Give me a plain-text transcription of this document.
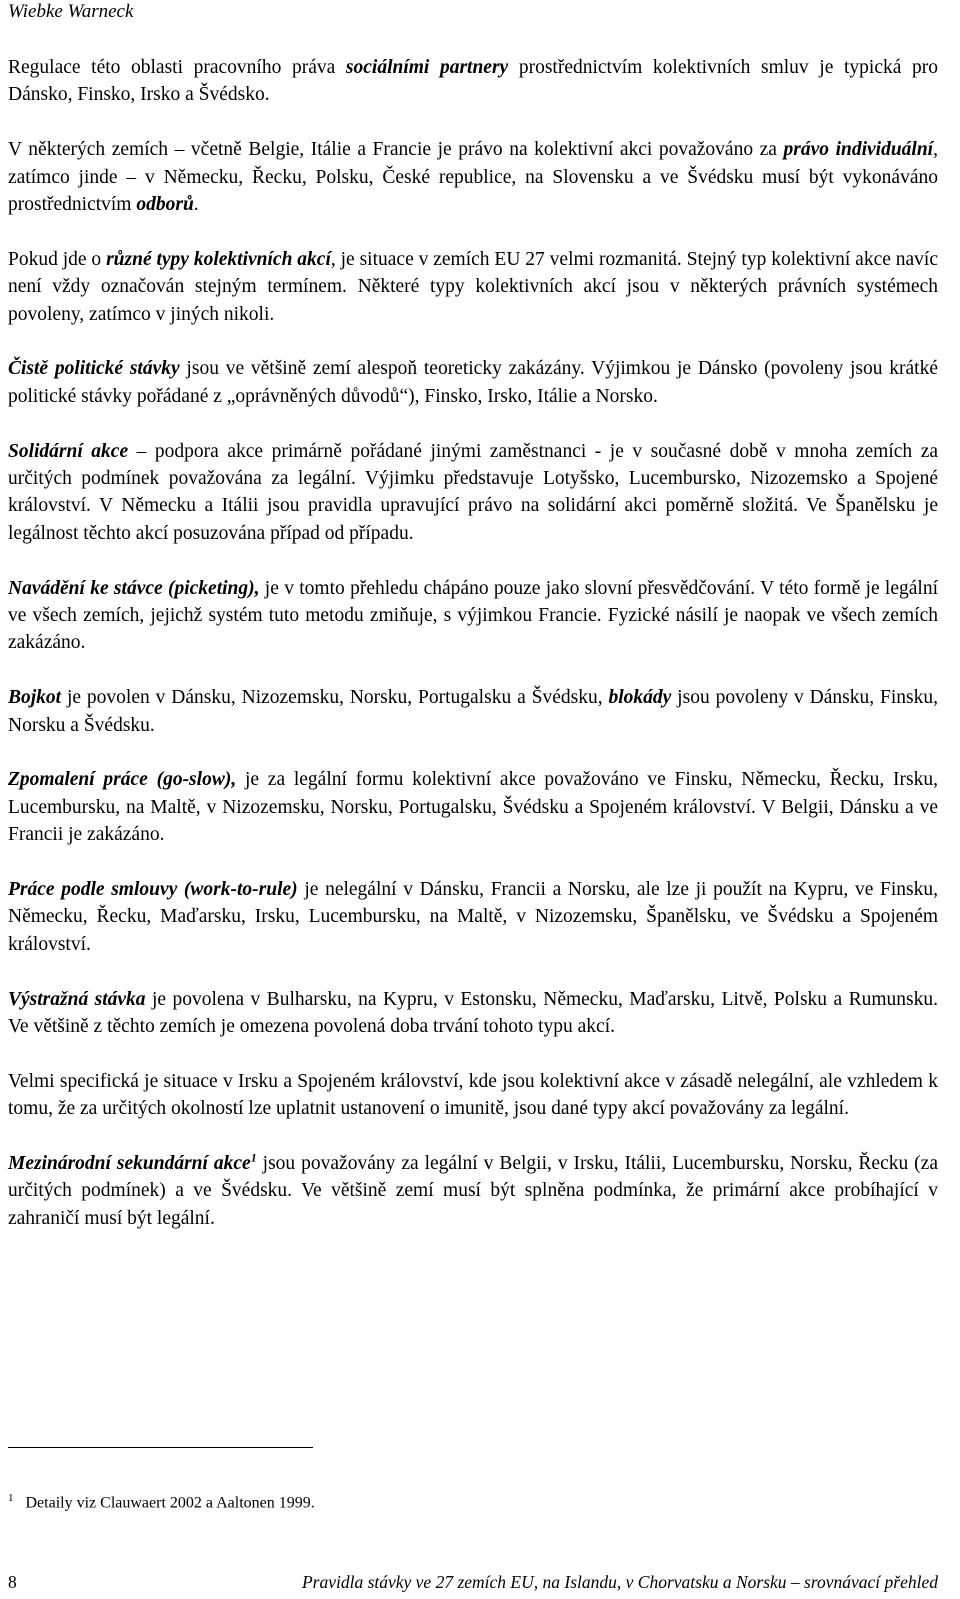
Wiebke Warneck

Regulace této oblasti pracovního práva sociálními partnery prostřednictvím kolektivních smluv je typická pro Dánsko, Finsko, Irsko a Švédsko.

V některých zemích – včetně Belgie, Itálie a Francie je právo na kolektivní akci považováno za právo individuální, zatímco jinde – v Německu, Řecku, Polsku, České republice, na Slovensku a ve Švédsku musí být vykonáváno prostřednictvím odborů.

Pokud jde o různé typy kolektivních akcí, je situace v zemích EU 27 velmi rozmanitá. Stejný typ kolektivní akce navíc není vždy označován stejným termínem. Některé typy kolektivních akcí jsou v některých právních systémech povoleny, zatímco v jiných nikoli.

Čistě politické stávky jsou ve většině zemí alespoň teoreticky zakázány. Výjimkou je Dánsko (povoleny jsou krátké politické stávky pořádané z „oprávněných důvodů“), Finsko, Irsko, Itálie a Norsko.

Solidární akce – podpora akce primárně pořádané jinými zaměstnanci - je v současné době v mnoha zemích za určitých podmínek považována za legální. Výjimku představuje Lotyšsko, Lucembursko, Nizozemsko a Spojené království. V Německu a Itálii jsou pravidla upravující právo na solidární akci poměrně složitá. Ve Španělsku je legálnost těchto akcí posuzována případ od případu.

Navádění ke stávce (picketing), je v tomto přehledu chápáno pouze jako slovní přesvědčování. V této formě je legální ve všech zemích, jejichž systém tuto metodu zmiňuje, s výjimkou Francie. Fyzické násilí je naopak ve všech zemích zakázáno.

Bojkot je povolen v Dánsku, Nizozemsku, Norsku, Portugalsku a Švédsku, blokády jsou povoleny v Dánsku, Finsku, Norsku a Švédsku.

Zpomalení práce (go-slow), je za legální formu kolektivní akce považováno ve Finsku, Německu, Řecku, Irsku, Lucembursku, na Maltě, v Nizozemsku, Norsku, Portugalsku, Švédsku a Spojeném království. V Belgii, Dánsku a ve Francii je zakázáno.

Práce podle smlouvy (work-to-rule) je nelegální v Dánsku, Francii a Norsku, ale lze ji použít na Kypru, ve Finsku, Německu, Řecku, Maďarsku, Irsku, Lucembursku, na Maltě, v Nizozemsku, Španělsku, ve Švédsku a Spojeném království.

Výstražná stávka je povolena v Bulharsku, na Kypru, v Estonsku, Německu, Maďarsku, Litvě, Polsku a Rumunsku. Ve většině z těchto zemích je omezena povolená doba trvání tohoto typu akcí.

Velmi specifická je situace v Irsku a Spojeném království, kde jsou kolektivní akce v zásadě nelegální, ale vzhledem k tomu, že za určitých okolností lze uplatnit ustanovení o imunitě, jsou dané typy akcí považovány za legální.

Mezinárodní sekundární akce$^1$ jsou považovány za legální v Belgii, v Irsku, Itálii, Lucembursku, Norsku, Řecku (za určitých podmínek) a ve Švédsku. Ve většině zemí musí být splněna podmínka, že primární akce probíhající v zahraničí musí být legální.

$^1$ Detaily viz Clauwaert 2002 a Aaltonen 1999.
8	Pravidla stávky ve 27 zemích EU, na Islandu, v Chorvatsku a Norsku – srovnávací přehled
